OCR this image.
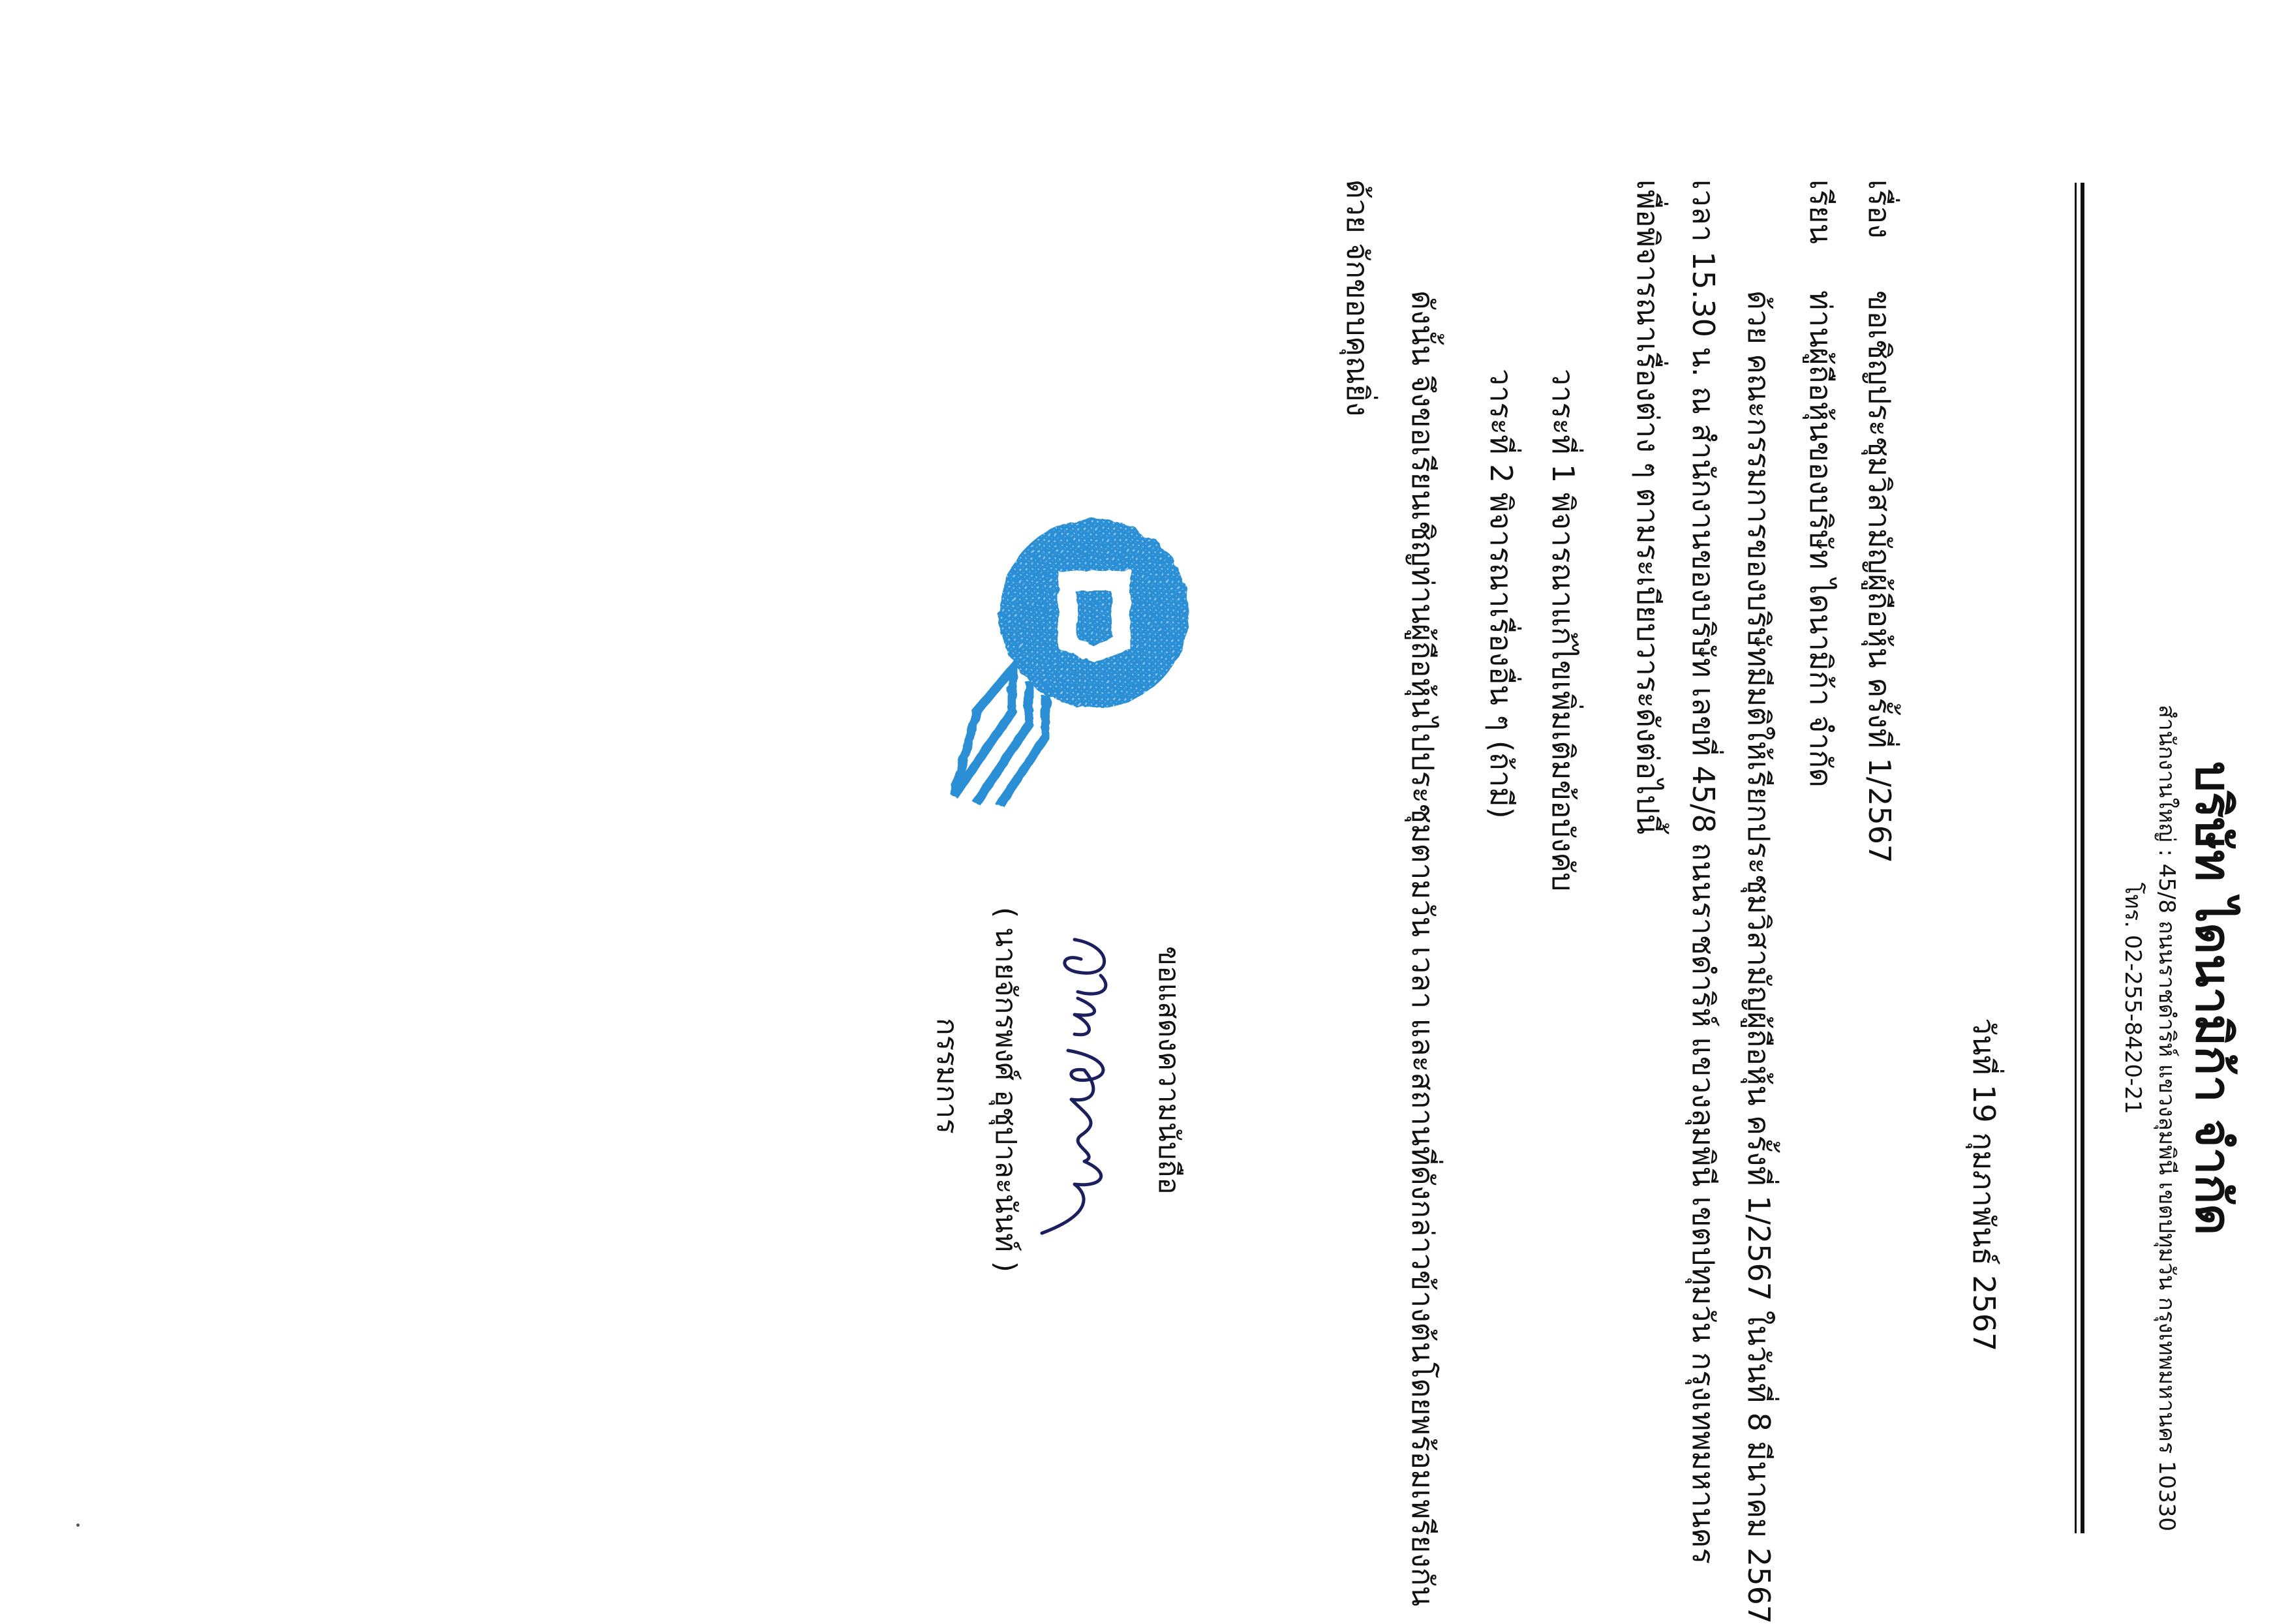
บริษัท ไดนามิก้า จำกัด
สำนักงานใหญ่ : 45/8 ถนนราชดำริห์ แขวงลุมพินี เขตปทุมวัน กรุงเทพมหานคร 10330
โทร. 02-255-8420-21
วันที่ 19 กุมภาพันธ์ 2567
เรื่อง
ขอเชิญประชุมวิสามัญผู้ถือหุ้น ครั้งที่ 1/2567
เรียน
ท่านผู้ถือหุ้นของบริษัท ไดนามิก้า จำกัด
ด้วย คณะกรรมการของบริษัทมีมติให้เรียกประชุมวิสามัญผู้ถือหุ้น ครั้งที่ 1/2567 ในวันที่ 8 มีนาคม 2567
เวลา 15.30 น. ณ สำนักงานของบริษัท เลขที่ 45/8 ถนนราชดำริห์ แขวงลุมพินี เขตปทุมวัน กรุงเทพมหานคร
เพื่อพิจารณาเรื่องต่าง ๆ ตามระเบียบวาระดังต่อไปนี้
วาระที่ 1 พิจารณาแก้ไขเพิ่มเติมข้อบังคับ
วาระที่ 2 พิจารณาเรื่องอื่น ๆ (ถ้ามี)
ดังนั้น จึงขอเรียนเชิญท่านผู้ถือหุ้นไปประชุมตามวัน เวลา และสถานที่ดังกล่าวข้างต้นโดยพร้อมเพรียงกัน
ด้วย จักขอบคุณยิ่ง
ขอแสดงความนับถือ
( นายจักรพงศ์ อุชุปาละนันท์ )
กรรมการ
